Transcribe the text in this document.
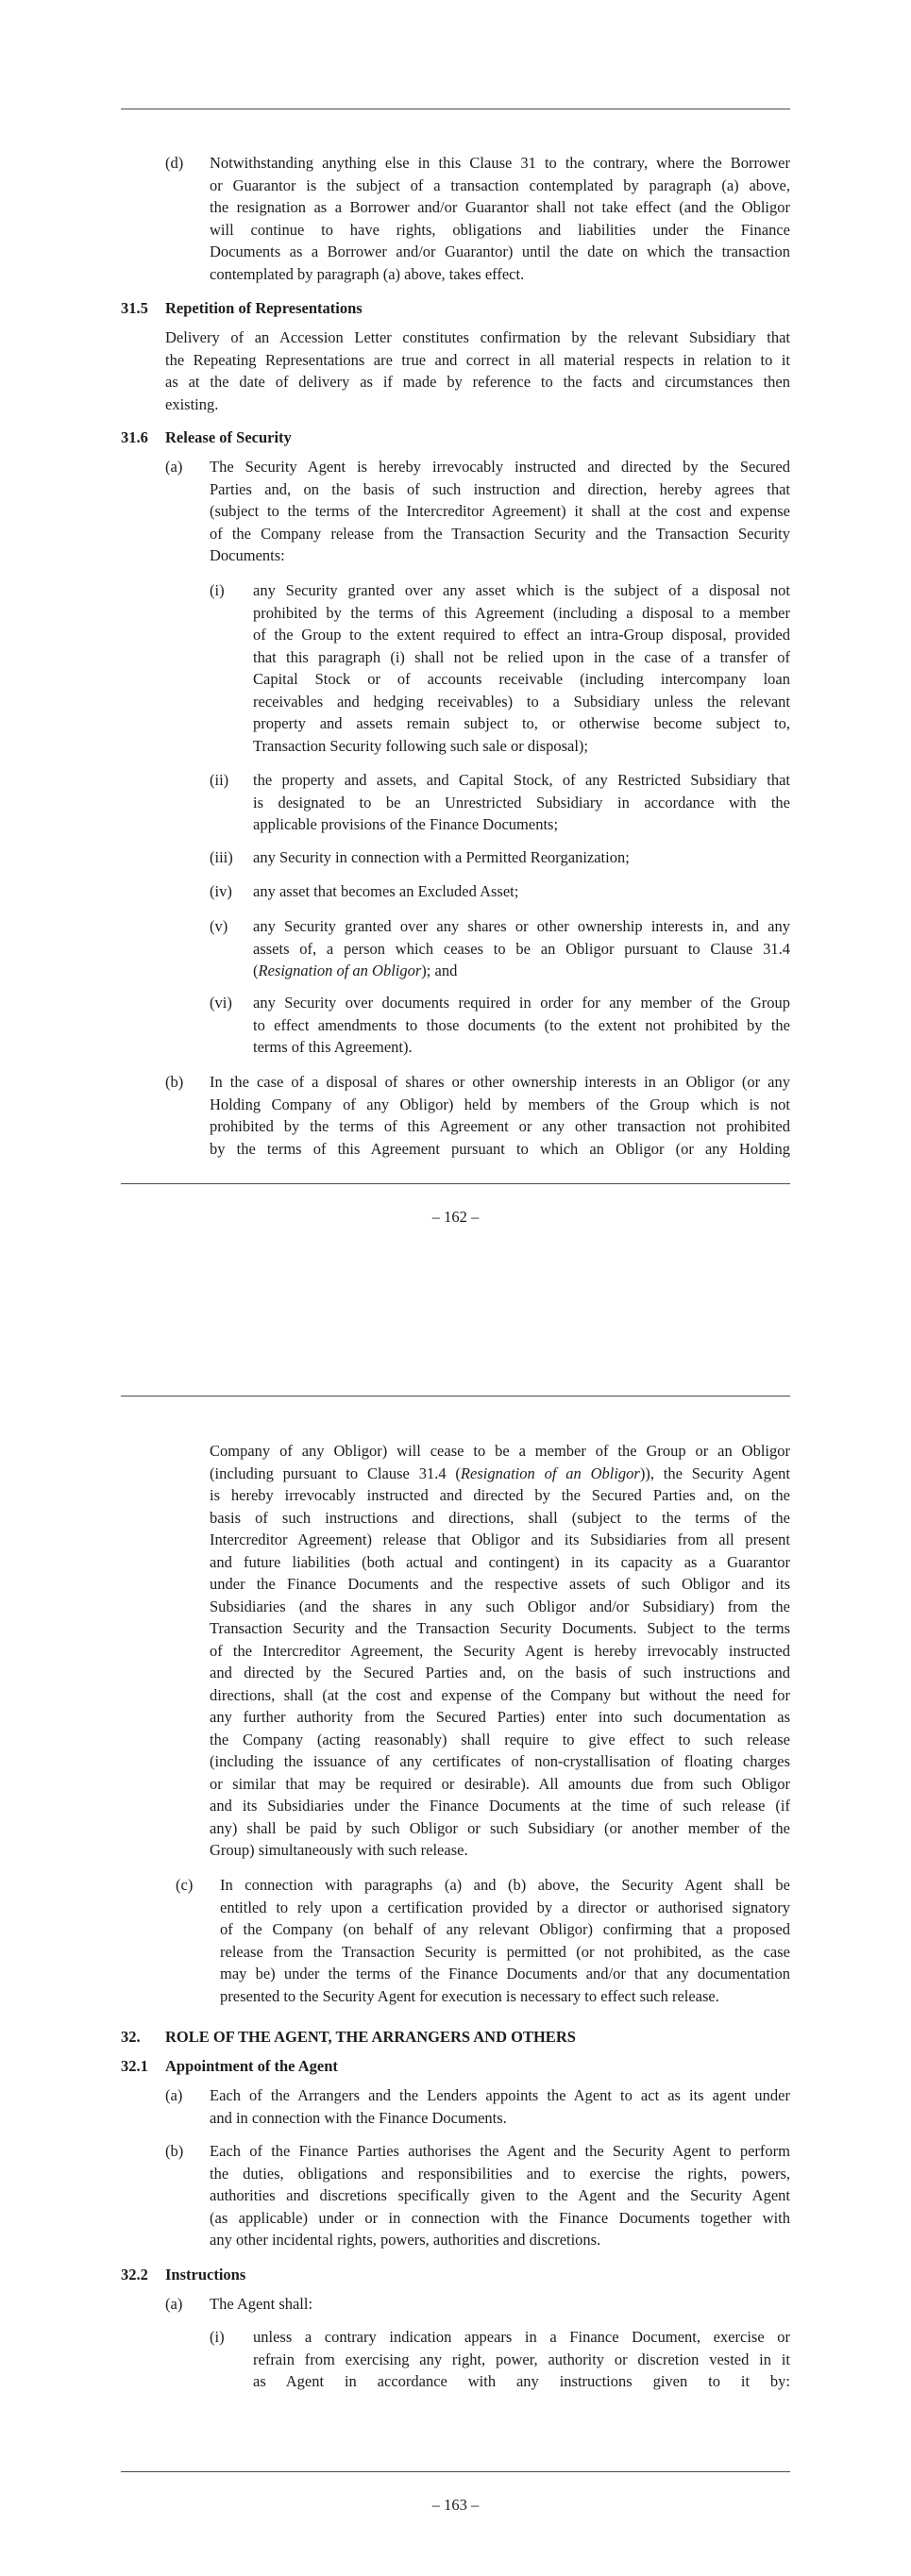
(d) Notwithstanding anything else in this Clause 31 to the contrary, where the Borrower
or Guarantor is the subject of a transaction contemplated by paragraph (a) above,
the resignation as a Borrower and/or Guarantor shall not take effect (and the Obligor
will continue to have rights, obligations and liabilities under the Finance
Documents as a Borrower and/or Guarantor) until the date on which the transaction
contemplated by paragraph (a) above, takes effect.
31.5 Repetition of Representations
Delivery of an Accession Letter constitutes confirmation by the relevant Subsidiary that
the Repeating Representations are true and correct in all material respects in relation to it
as at the date of delivery as if made by reference to the facts and circumstances then
existing.
31.6 Release of Security
(a) The Security Agent is hereby irrevocably instructed and directed by the Secured
Parties and, on the basis of such instruction and direction, hereby agrees that
(subject to the terms of the Intercreditor Agreement) it shall at the cost and expense
of the Company release from the Transaction Security and the Transaction Security
Documents:
(i) any Security granted over any asset which is the subject of a disposal not
prohibited by the terms of this Agreement (including a disposal to a member
of the Group to the extent required to effect an intra-Group disposal, provided
that this paragraph (i) shall not be relied upon in the case of a transfer of
Capital Stock or of accounts receivable (including intercompany loan
receivables and hedging receivables) to a Subsidiary unless the relevant
property and assets remain subject to, or otherwise become subject to,
Transaction Security following such sale or disposal);
(ii) the property and assets, and Capital Stock, of any Restricted Subsidiary that
is designated to be an Unrestricted Subsidiary in accordance with the
applicable provisions of the Finance Documents;
(iii) any Security in connection with a Permitted Reorganization;
(iv) any asset that becomes an Excluded Asset;
(v) any Security granted over any shares or other ownership interests in, and any
assets of, a person which ceases to be an Obligor pursuant to Clause 31.4
(Resignation of an Obligor); and
(vi) any Security over documents required in order for any member of the Group
to effect amendments to those documents (to the extent not prohibited by the
terms of this Agreement).
(b) In the case of a disposal of shares or other ownership interests in an Obligor (or any
Holding Company of any Obligor) held by members of the Group which is not
prohibited by the terms of this Agreement or any other transaction not prohibited
by the terms of this Agreement pursuant to which an Obligor (or any Holding
– 162 –
Company of any Obligor) will cease to be a member of the Group or an Obligor
(including pursuant to Clause 31.4 (Resignation of an Obligor)), the Security Agent
is hereby irrevocably instructed and directed by the Secured Parties and, on the
basis of such instructions and directions, shall (subject to the terms of the
Intercreditor Agreement) release that Obligor and its Subsidiaries from all present
and future liabilities (both actual and contingent) in its capacity as a Guarantor
under the Finance Documents and the respective assets of such Obligor and its
Subsidiaries (and the shares in any such Obligor and/or Subsidiary) from the
Transaction Security and the Transaction Security Documents. Subject to the terms
of the Intercreditor Agreement, the Security Agent is hereby irrevocably instructed
and directed by the Secured Parties and, on the basis of such instructions and
directions, shall (at the cost and expense of the Company but without the need for
any further authority from the Secured Parties) enter into such documentation as
the Company (acting reasonably) shall require to give effect to such release
(including the issuance of any certificates of non-crystallisation of floating charges
or similar that may be required or desirable). All amounts due from such Obligor
and its Subsidiaries under the Finance Documents at the time of such release (if
any) shall be paid by such Obligor or such Subsidiary (or another member of the
Group) simultaneously with such release.
(c) In connection with paragraphs (a) and (b) above, the Security Agent shall be
entitled to rely upon a certification provided by a director or authorised signatory
of the Company (on behalf of any relevant Obligor) confirming that a proposed
release from the Transaction Security is permitted (or not prohibited, as the case
may be) under the terms of the Finance Documents and/or that any documentation
presented to the Security Agent for execution is necessary to effect such release.
32. ROLE OF THE AGENT, THE ARRANGERS AND OTHERS
32.1 Appointment of the Agent
(a) Each of the Arrangers and the Lenders appoints the Agent to act as its agent under
and in connection with the Finance Documents.
(b) Each of the Finance Parties authorises the Agent and the Security Agent to perform
the duties, obligations and responsibilities and to exercise the rights, powers,
authorities and discretions specifically given to the Agent and the Security Agent
(as applicable) under or in connection with the Finance Documents together with
any other incidental rights, powers, authorities and discretions.
32.2 Instructions
(a) The Agent shall:
(i) unless a contrary indication appears in a Finance Document, exercise or
refrain from exercising any right, power, authority or discretion vested in it
as Agent in accordance with any instructions given to it by:
– 163 –
